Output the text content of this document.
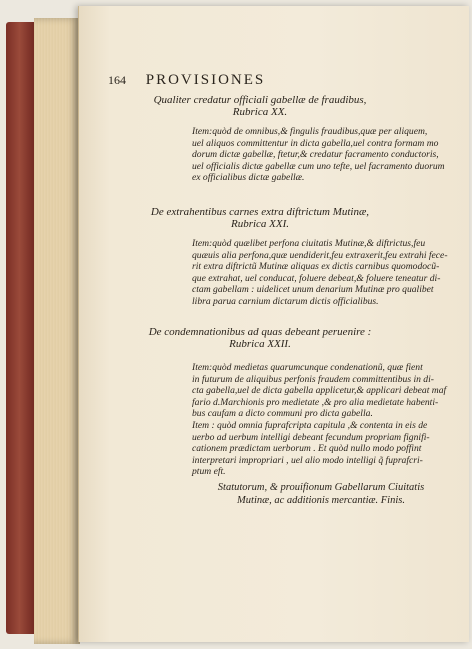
164 PROVISIONES
Qualiter credatur officiali gabellæ de fraudibus,
Rubrica XX.
Item:quòd de omnibus,& fingulis fraudibus,quæ per aliquem,
uel aliquos committentur in dicta gabella,uel contra formam mo
dorum dictæ gabellæ, ftetur,& credatur facramento conductoris,
uel officialis dictæ gabellæ cum uno tefte, uel facramento duorum
ex officialibus dictæ gabellæ.
De extrahentibus carnes extra diftrictum Mutinæ,
Rubrica XXI.
Item:quòd quælibet perfona ciuitatis Mutinæ,& diftrictus,feu
quæuis alia perfona,quæ uendiderit,feu extraxerit,feu extrahi fece-
rit extra diftrictũ Mutinæ aliquas ex dictis carnibus quomodocũ-
que extrahat, uel conducat, foluere debeat,& foluere teneatur di-
ctam gabellam : uidelicet unum denarium Mutinæ pro qualibet
libra parua carnium dictarum dictis officialibus.
De condemnationibus ad quas debeant peruenire :
Rubrica XXII.
Item:quòd medietas quarumcunque condenationũ, quæ fient
in futurum de aliquibus perfonis fraudem committentibus in di-
cta gabella,uel de dicta gabella applicetur,& applicari debeat maf
fario d.Marchionis pro medietate ,& pro alia medietate habenti-
bus caufam a dicto communi pro dicta gabella.
Item : quòd omnia fuprafcripta capitula ,& contenta in eis de
uerbo ad uerbum intelligi debeant fecundum propriam fignifi-
cationem prædictam uerborum . Et quòd nullo modo poffint
interpretari impropriari , uel alio modo intelligi q̃ fuprafcri-
ptum eft.
Statutorum, & prouifionum Gabellarum Ciuitatis
Mutinæ, ac additionis mercantiæ. Finis.
